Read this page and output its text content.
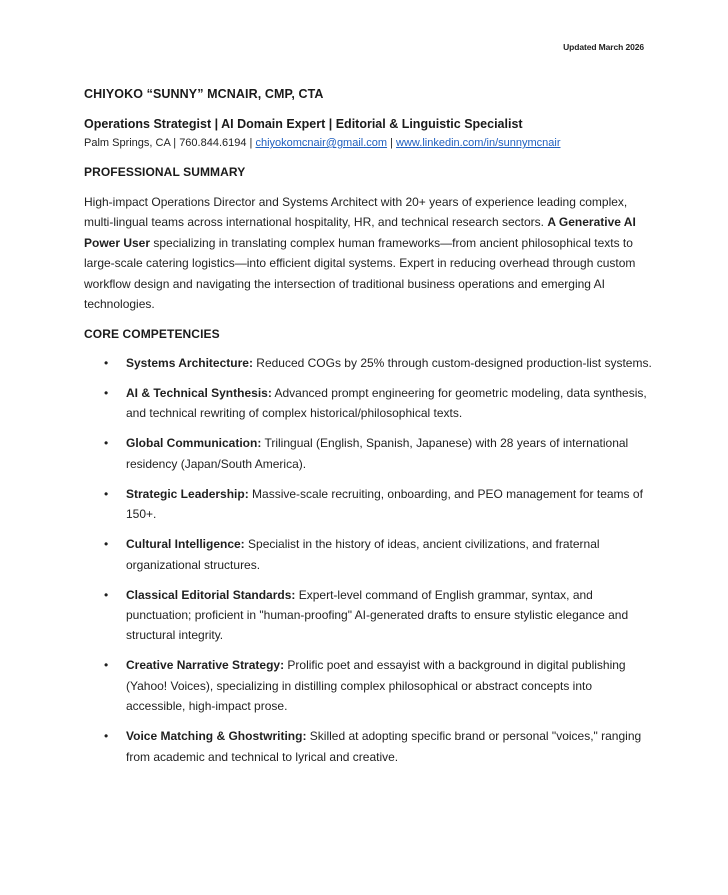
Updated March 2026
CHIYOKO “SUNNY” MCNAIR, CMP, CTA
Operations Strategist | AI Domain Expert | Editorial & Linguistic Specialist
Palm Springs, CA | 760.844.6194 | chiyokomcnair@gmail.com | www.linkedin.com/in/sunnymcnair
PROFESSIONAL SUMMARY
High-impact Operations Director and Systems Architect with 20+ years of experience leading complex, multi-lingual teams across international hospitality, HR, and technical research sectors. A Generative AI Power User specializing in translating complex human frameworks—from ancient philosophical texts to large-scale catering logistics—into efficient digital systems. Expert in reducing overhead through custom workflow design and navigating the intersection of traditional business operations and emerging AI technologies.
CORE COMPETENCIES
• Systems Architecture: Reduced COGs by 25% through custom-designed production-list systems.
• AI & Technical Synthesis: Advanced prompt engineering for geometric modeling, data synthesis, and technical rewriting of complex historical/philosophical texts.
• Global Communication: Trilingual (English, Spanish, Japanese) with 28 years of international residency (Japan/South America).
• Strategic Leadership: Massive-scale recruiting, onboarding, and PEO management for teams of 150+.
• Cultural Intelligence: Specialist in the history of ideas, ancient civilizations, and fraternal organizational structures.
• Classical Editorial Standards: Expert-level command of English grammar, syntax, and punctuation; proficient in "human-proofing" AI-generated drafts to ensure stylistic elegance and structural integrity.
• Creative Narrative Strategy: Prolific poet and essayist with a background in digital publishing (Yahoo! Voices), specializing in distilling complex philosophical or abstract concepts into accessible, high-impact prose.
• Voice Matching & Ghostwriting: Skilled at adopting specific brand or personal "voices," ranging from academic and technical to lyrical and creative.
